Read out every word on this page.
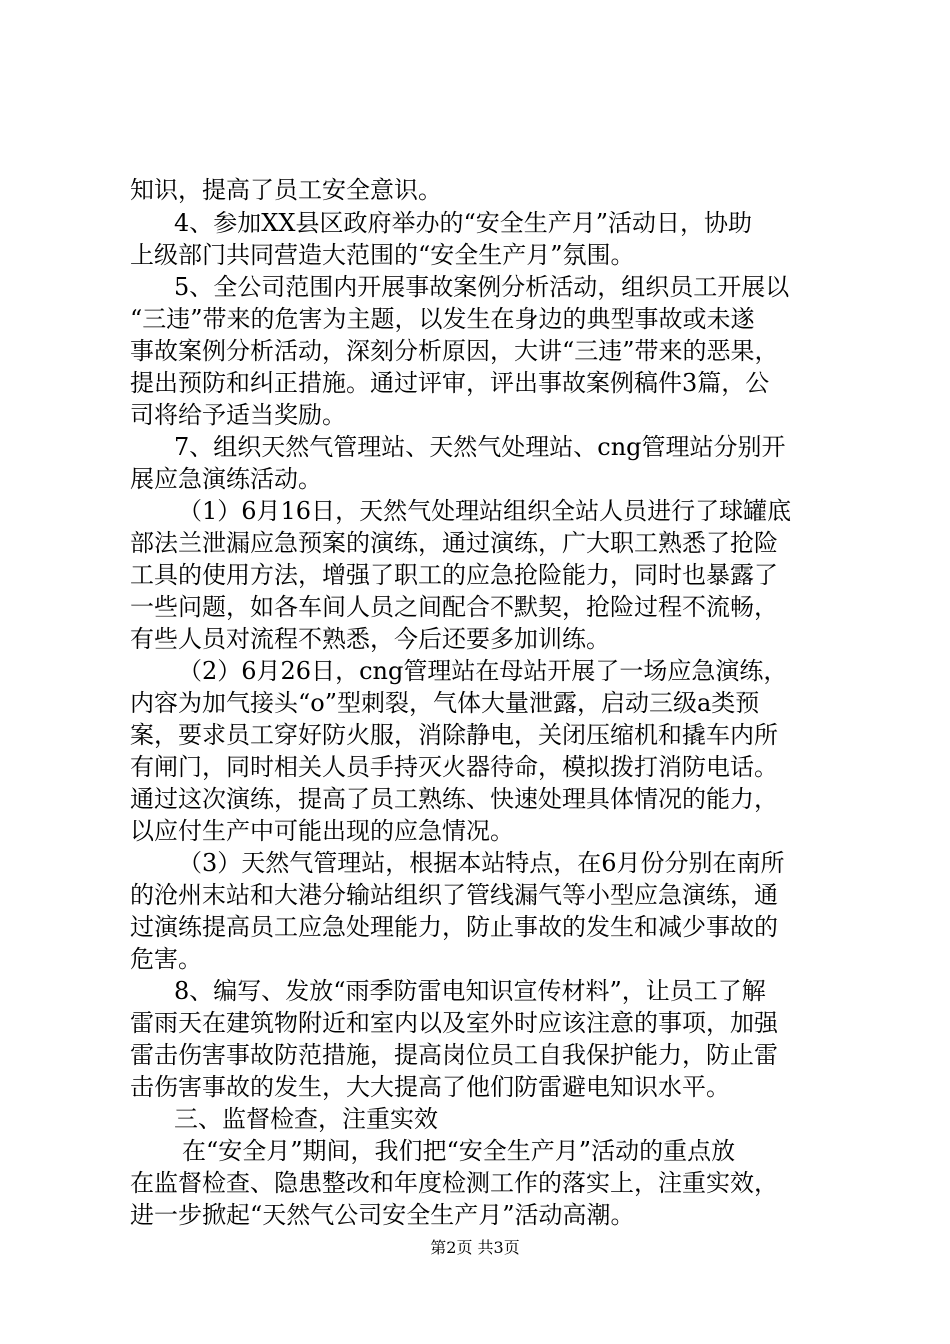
知识，提高了员工安全意识。
4、参加XX县区政府举办的“安全生产月”活动日，协助
上级部门共同营造大范围的“安全生产月”氛围。
5、全公司范围内开展事故案例分析活动，组织员工开展以
“三违”带来的危害为主题，以发生在身边的典型事故或未遂
事故案例分析活动，深刻分析原因，大讲“三违”带来的恶果，
提出预防和纠正措施。通过评审，评出事故案例稿件3篇，公
司将给予适当奖励。
7、组织天然气管理站、天然气处理站、cng管理站分别开
展应急演练活动。
（1）6月16日，天然气处理站组织全站人员进行了球罐底
部法兰泄漏应急预案的演练，通过演练，广大职工熟悉了抢险
工具的使用方法，增强了职工的应急抢险能力，同时也暴露了
一些问题，如各车间人员之间配合不默契，抢险过程不流畅，
有些人员对流程不熟悉，今后还要多加训练。
（2）6月26日，cng管理站在母站开展了一场应急演练，
内容为加气接头“o”型刺裂，气体大量泄露，启动三级a类预
案，要求员工穿好防火服，消除静电，关闭压缩机和撬车内所
有闸门，同时相关人员手持灭火器待命，模拟拨打消防电话。
通过这次演练，提高了员工熟练、快速处理具体情况的能力，
以应付生产中可能出现的应急情况。
（3）天然气管理站，根据本站特点，在6月份分别在南所
的沧州末站和大港分输站组织了管线漏气等小型应急演练，通
过演练提高员工应急处理能力，防止事故的发生和减少事故的
危害。
8、编写、发放“雨季防雷电知识宣传材料”，让员工了解
雷雨天在建筑物附近和室内以及室外时应该注意的事项，加强
雷击伤害事故防范措施，提高岗位员工自我保护能力，防止雷
击伤害事故的发生，大大提高了他们防雷避电知识水平。
三、监督检查，注重实效
在“安全月”期间，我们把“安全生产月”活动的重点放
在监督检查、隐患整改和年度检测工作的落实上，注重实效，
进一步掀起“天然气公司安全生产月”活动高潮。
第2页 共3页
